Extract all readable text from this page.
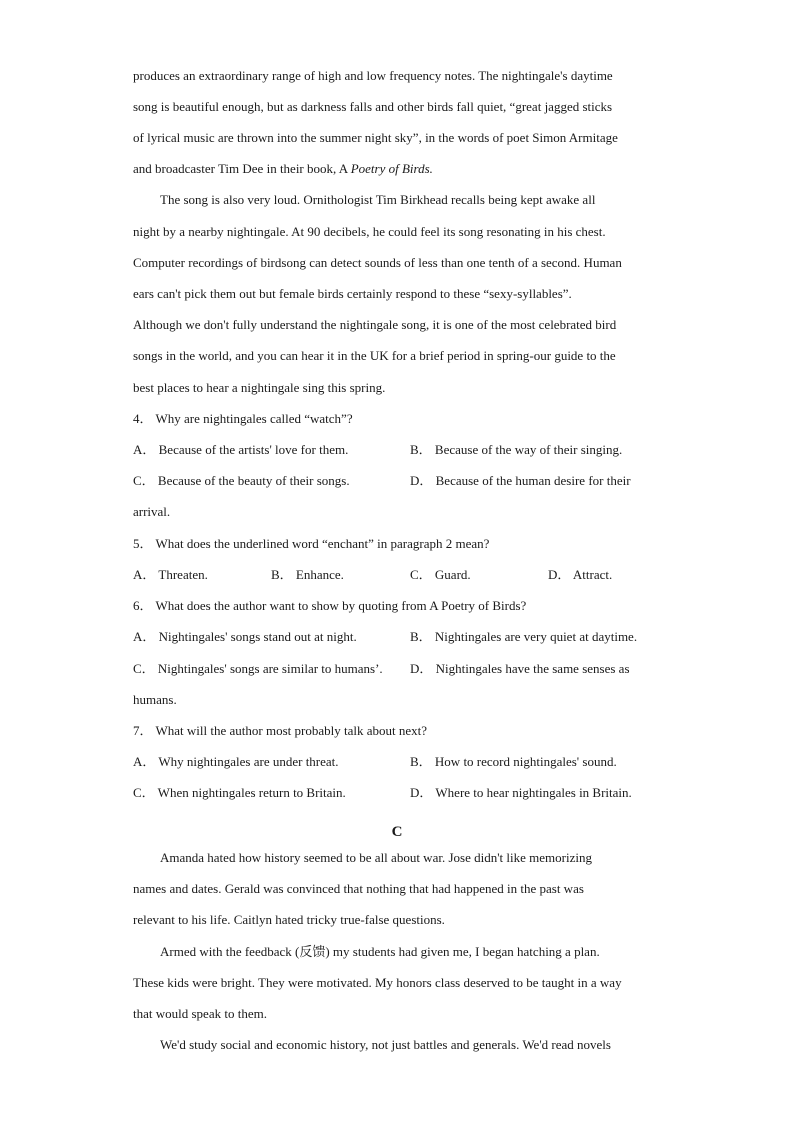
produces an extraordinary range of high and low frequency notes. The nightingale's daytime
song is beautiful enough, but as darkness falls and other birds fall quiet, “great jagged sticks
of lyrical music are thrown into the summer night sky”, in the words of poet Simon Armitage
and broadcaster Tim Dee in their book, A Poetry of Birds.
The song is also very loud. Ornithologist Tim Birkhead recalls being kept awake all
night by a nearby nightingale. At 90 decibels, he could feel its song resonating in his chest.
Computer recordings of birdsong can detect sounds of less than one tenth of a second. Human
ears can't pick them out but female birds certainly respond to these “sexy-syllables”.
Although we don't fully understand the nightingale song, it is one of the most celebrated bird
songs in the world, and you can hear it in the UK for a brief period in spring-our guide to the
best places to hear a nightingale sing this spring.
4． Why are nightingales called “watch”?
A． Because of the artists' love for them.	B． Because of the way of their singing.
C． Because of the beauty of their songs.	D． Because of the human desire for their
arrival.
5． What does the underlined word “enchant” in paragraph 2 mean?
A． Threaten.	B． Enhance.	C． Guard.	D． Attract.
6． What does the author want to show by quoting from A Poetry of Birds?
A． Nightingales' songs stand out at night.	B． Nightingales are very quiet at daytime.
C． Nightingales' songs are similar to humans’. D． Nightingales have the same senses as
humans.
7． What will the author most probably talk about next?
A． Why nightingales are under threat.	B． How to record nightingales' sound.
C． When nightingales return to Britain.	D． Where to hear nightingales in Britain.
C
Amanda hated how history seemed to be all about war. Jose didn't like memorizing
names and dates. Gerald was convinced that nothing that had happened in the past was
relevant to his life. Caitlyn hated tricky true-false questions.
Armed with the feedback (反馈) my students had given me, I began hatching a plan.
These kids were bright. They were motivated. My honors class deserved to be taught in a way
that would speak to them.
We'd study social and economic history, not just battles and generals. We'd read novels
